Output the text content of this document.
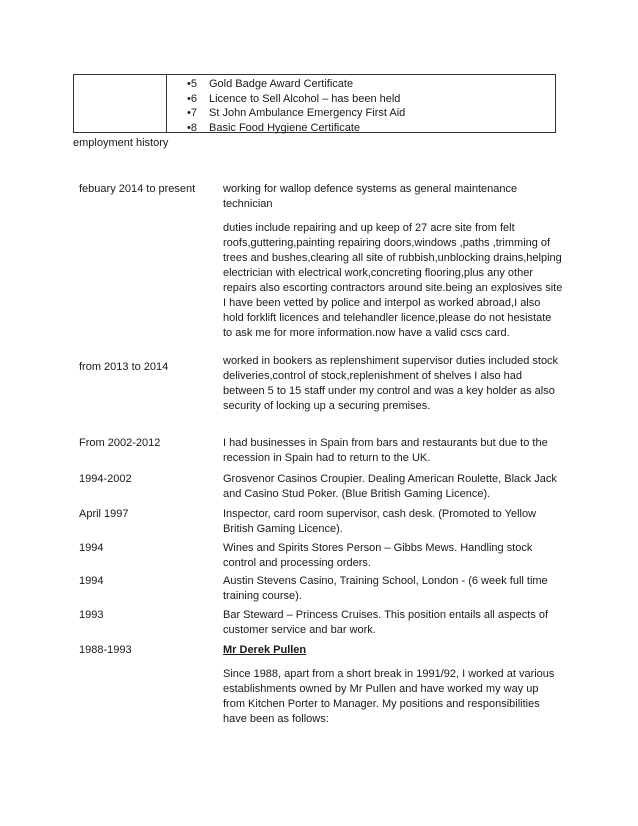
•5	Gold Badge Award Certificate
•6	Licence to Sell Alcohol – has been held
•7	St John Ambulance Emergency First Aid
•8	Basic Food Hygiene Certificate
employment history
febuary 2014 to present	working for wallop defence systems as general maintenance technician

duties include repairing and up keep of 27 acre site from felt roofs,guttering,painting repairing doors,windows ,paths ,trimming of trees and bushes,clearing all site of rubbish,unblocking drains,helping electrician with electrical work,concreting flooring,plus any other repairs also escorting contractors around site.being an explosives site I have been vetted by police and interpol as worked abroad,I also hold forklift licences and telehandler licence,please do not hesistate to ask me for more information.now have a valid cscs card.

from 2013 to 2014	worked in bookers as replenshiment supervisor duties included stock deliveries,control of stock,replenishment of shelves I also had between 5 to 15 staff under my control and was a key holder as also security of locking up a securing premises.

From 2002-2012	I had businesses in Spain from bars and restaurants but due to the recession in Spain had to return to the UK.

1994-2002	Grosvenor Casinos Croupier. Dealing American Roulette, Black Jack and Casino Stud Poker. (Blue British Gaming Licence).

April 1997	Inspector, card room supervisor, cash desk. (Promoted to Yellow British Gaming Licence).

1994	Wines and Spirits Stores Person – Gibbs Mews. Handling stock control and processing orders.

1994	Austin Stevens Casino, Training School, London - (6 week full time training course).

1993	Bar Steward – Princess Cruises. This position entails all aspects of customer service and bar work.

1988-1993	Mr Derek Pullen

Since 1988, apart from a short break in 1991/92, I worked at various establishments owned by Mr Pullen and have worked my way up from Kitchen Porter to Manager. My positions and responsibilities have been as follows:
